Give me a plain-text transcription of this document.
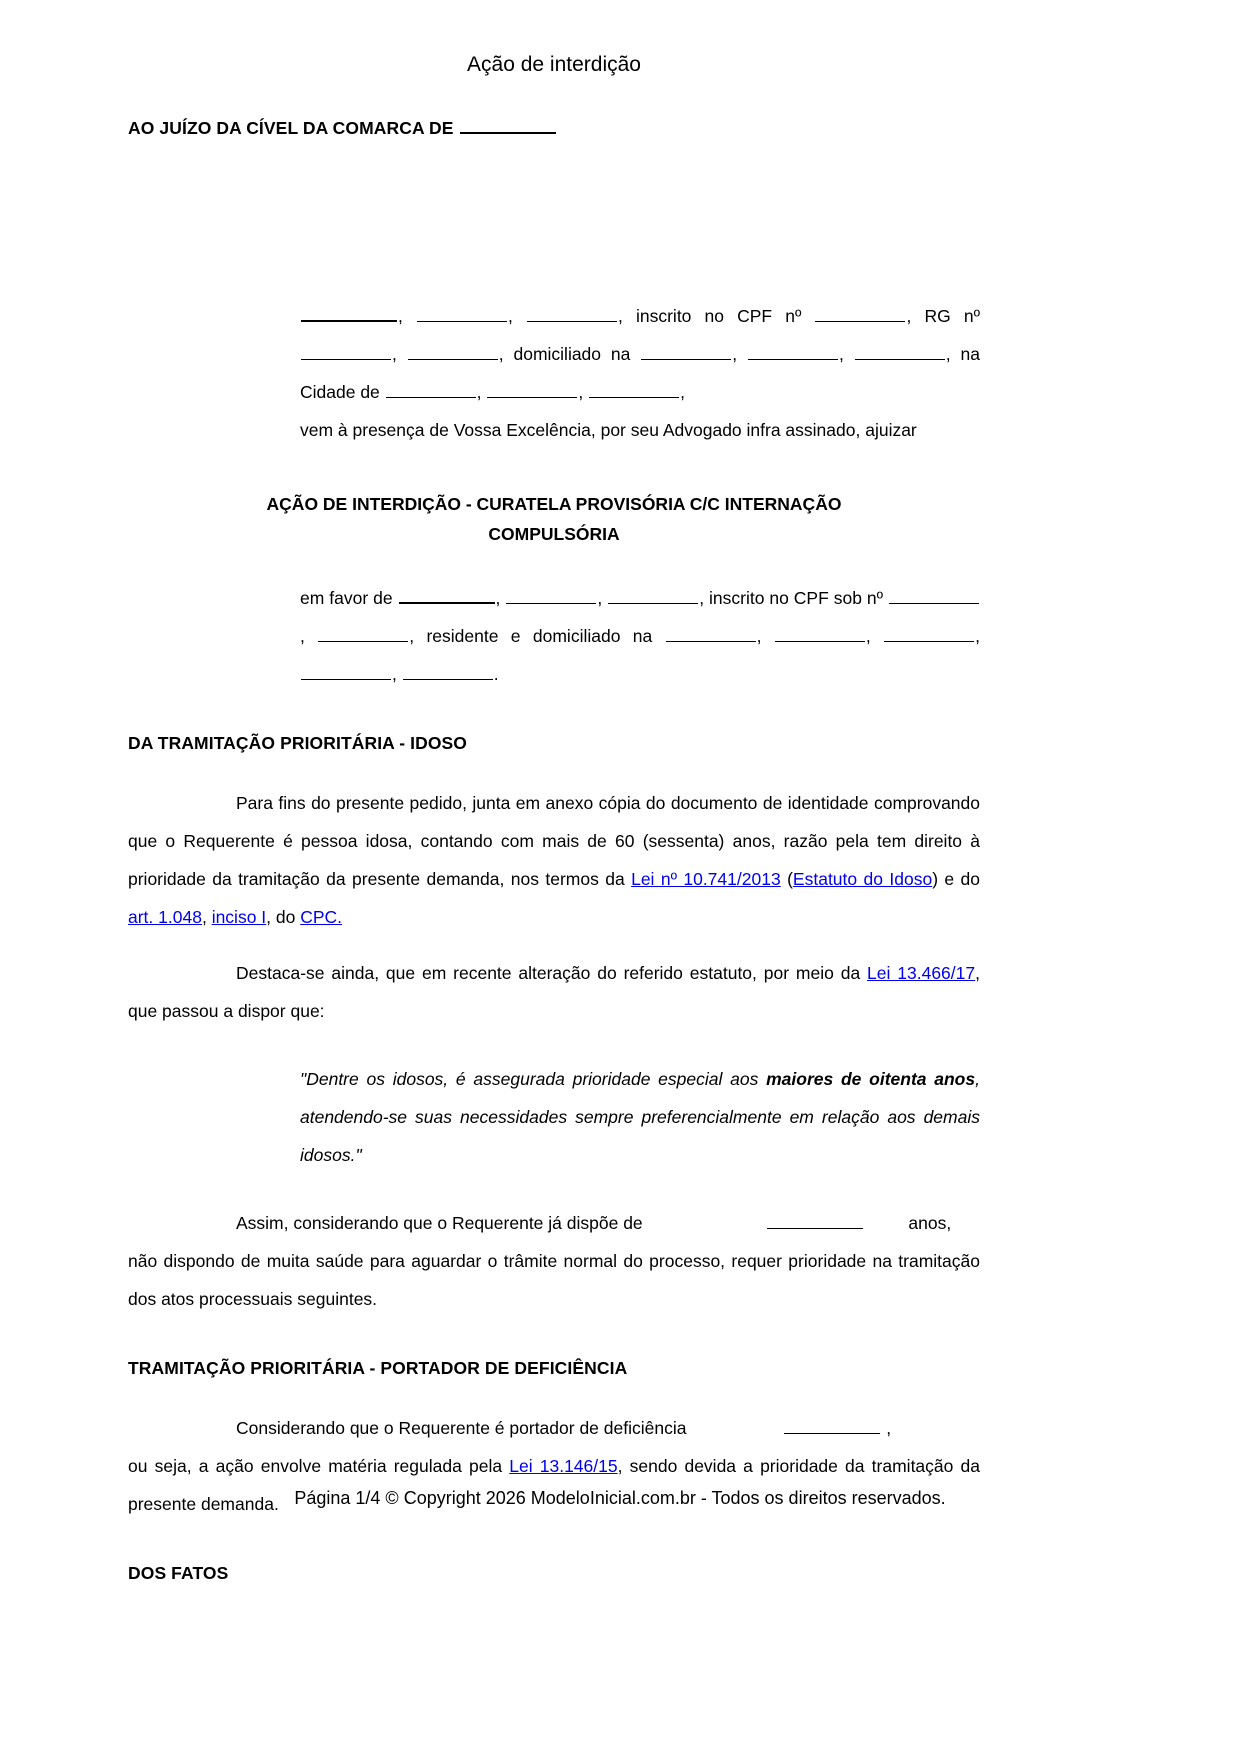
Ação de interdição
AO JUÍZO DA CÍVEL DA COMARCA DE

,	,	, inscrito no CPF nº	, RG nº ,	, domiciliado na	,	,	, na Cidade de	,	,	,

vem à presença de Vossa Excelência, por seu Advogado infra assinado, ajuizar

AÇÃO DE INTERDIÇÃO - CURATELA PROVISÓRIA C/C INTERNAÇÃO
COMPULSÓRIA

em favor de	,	,	, inscrito no CPF sob nº ,	, residente e domiciliado na	,	,	, ,	.

DA TRAMITAÇÃO PRIORITÁRIA - IDOSO

Para fins do presente pedido, junta em anexo cópia do documento de identidade comprovando que o Requerente é pessoa idosa, contando com mais de 60 (sessenta) anos, razão pela tem direito à prioridade da tramitação da presente demanda, nos termos da Lei nº 10.741/2013 (Estatuto do Idoso) e do art. 1.048, inciso I, do CPC.

Destaca-se ainda, que em recente alteração do referido estatuto, por meio da Lei 13.466/17, que passou a dispor que:

"Dentre os idosos, é assegurada prioridade especial aos maiores de oitenta anos, atendendo-se suas necessidades sempre preferencialmente em relação aos demais idosos."

Assim, considerando que o Requerente já dispõe de	anos,

não dispondo de muita saúde para aguardar o trâmite normal do processo, requer prioridade na tramitação dos atos processuais seguintes.

TRAMITAÇÃO PRIORITÁRIA - PORTADOR DE DEFICIÊNCIA

Considerando que o Requerente é portador de deficiência	,

ou seja, a ação envolve matéria regulada pela Lei 13.146/15, sendo devida a prioridade da tramitação da presente demanda.

DOS FATOS
Página 1/4 © Copyright 2026 ModeloInicial.com.br - Todos os direitos reservados.
